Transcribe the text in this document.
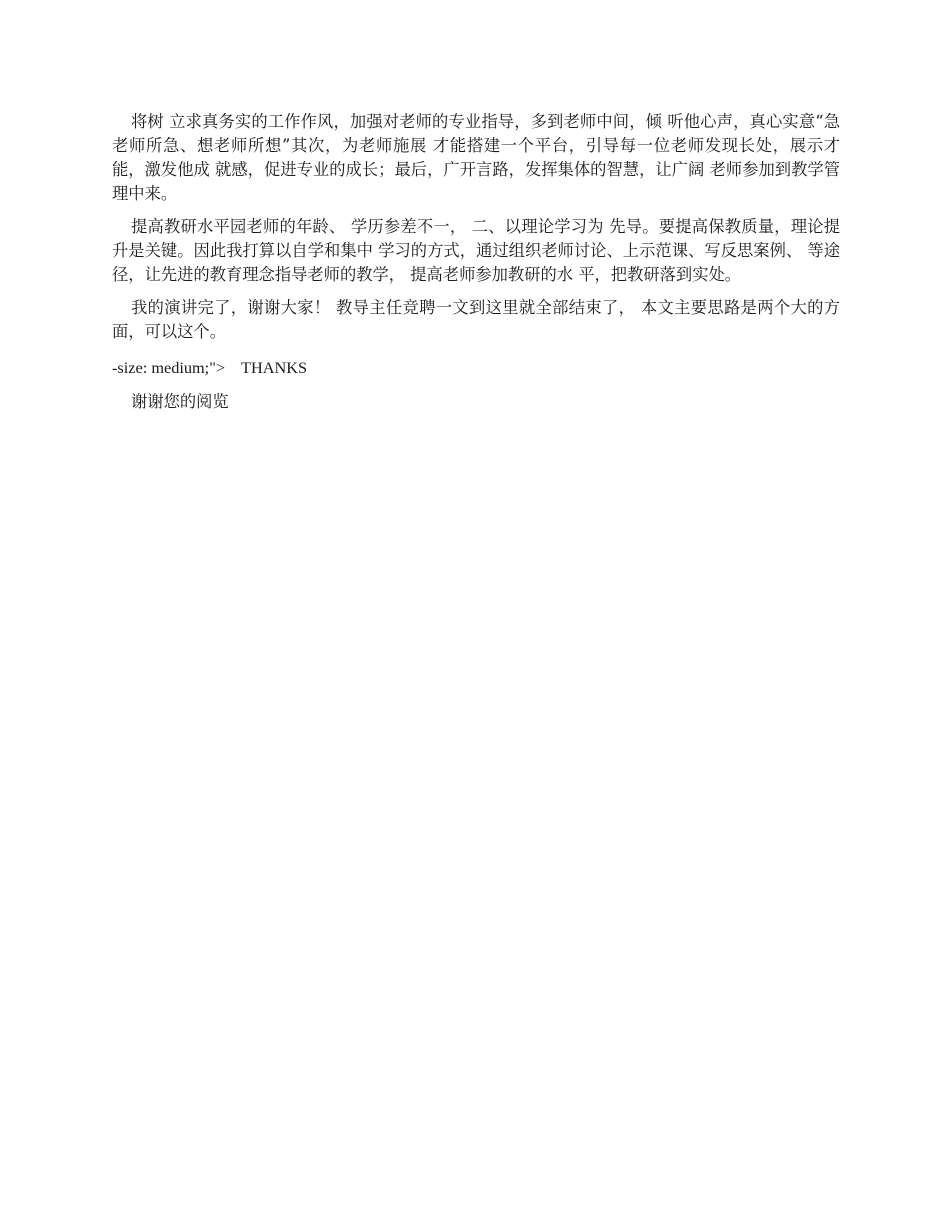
将树 立求真务实的工作作风，加强对老师的专业指导，多到老师中间，倾 听他心声，真心实意“急老师所急、想老师所想”其次，为老师施展 才能搭建一个平台，引导每一位老师发现长处，展示才能，激发他成 就感，促进专业的成长；最后，广开言路，发挥集体的智慧，让广阔 老师参加到教学管理中来。

提高教研水平园老师的年龄、 学历参差不一， 二、以理论学习为 先导。要提高保教质量，理论提升是关键。因此我打算以自学和集中 学习的方式，通过组织老师讨论、上示范课、写反思案例、 等途径，让先进的教育理念指导老师的教学， 提高老师参加教研的水 平，把教研落到实处。

我的演讲完了，谢谢大家！ 教导主任竞聘一文到这里就全部结束了， 本文主要思路是两个大的方面，可以这个。

-size: medium;">    THANKS

谢谢您的阅览
